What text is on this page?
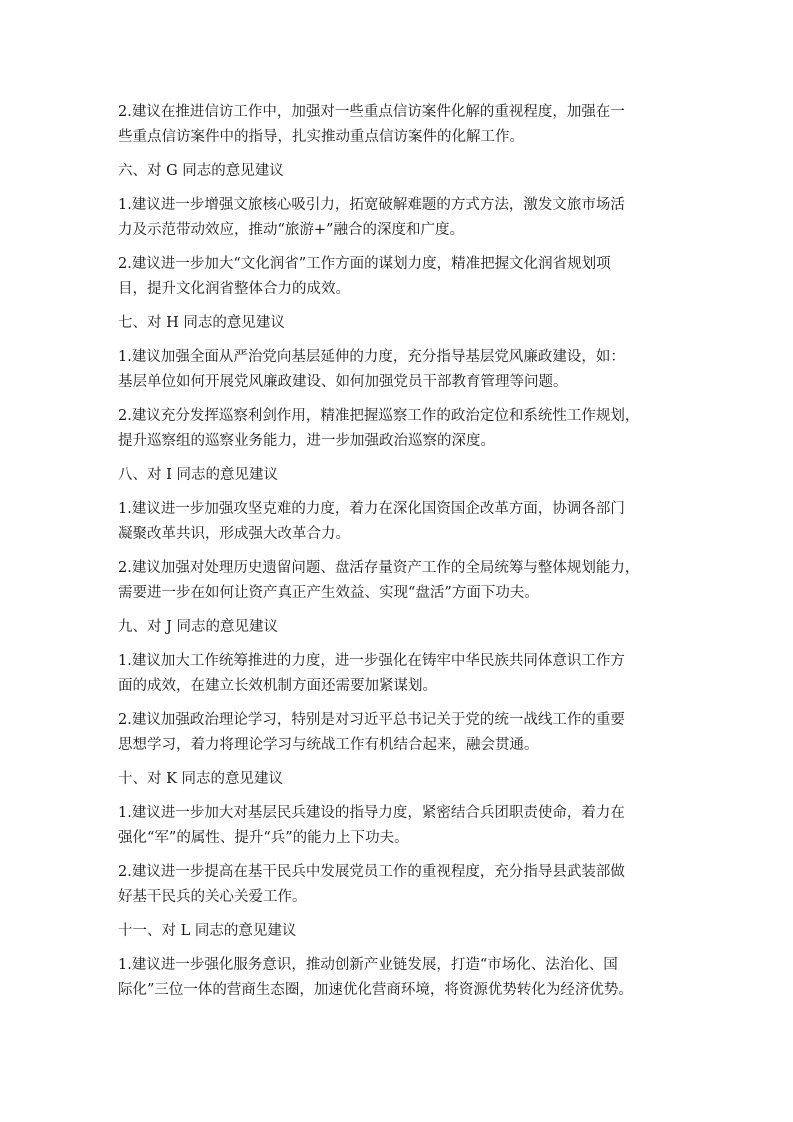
2.建议在推进信访工作中，加强对一些重点信访案件化解的重视程度，加强在一
些重点信访案件中的指导，扎实推动重点信访案件的化解工作。
六、对 G 同志的意见建议
1.建议进一步增强文旅核心吸引力，拓宽破解难题的方式方法，激发文旅市场活
力及示范带动效应，推动“旅游+”融合的深度和广度。
2.建议进一步加大“文化润省”工作方面的谋划力度，精准把握文化润省规划项
目，提升文化润省整体合力的成效。
七、对 H 同志的意见建议
1.建议加强全面从严治党向基层延伸的力度，充分指导基层党风廉政建设，如：
基层单位如何开展党风廉政建设、如何加强党员干部教育管理等问题。
2.建议充分发挥巡察利剑作用，精准把握巡察工作的政治定位和系统性工作规划，
提升巡察组的巡察业务能力，进一步加强政治巡察的深度。
八、对 I 同志的意见建议
1.建议进一步加强攻坚克难的力度，着力在深化国资国企改革方面，协调各部门
凝聚改革共识，形成强大改革合力。
2.建议加强对处理历史遗留问题、盘活存量资产工作的全局统筹与整体规划能力，
需要进一步在如何让资产真正产生效益、实现“盘活”方面下功夫。
九、对 J 同志的意见建议
1.建议加大工作统筹推进的力度，进一步强化在铸牢中华民族共同体意识工作方
面的成效，在建立长效机制方面还需要加紧谋划。
2.建议加强政治理论学习，特别是对习近平总书记关于党的统一战线工作的重要
思想学习，着力将理论学习与统战工作有机结合起来，融会贯通。
十、对 K 同志的意见建议
1.建议进一步加大对基层民兵建设的指导力度，紧密结合兵团职责使命，着力在
强化“军”的属性、提升“兵”的能力上下功夫。
2.建议进一步提高在基干民兵中发展党员工作的重视程度，充分指导县武装部做
好基干民兵的关心关爱工作。
十一、对 L 同志的意见建议
1.建议进一步强化服务意识，推动创新产业链发展，打造“市场化、法治化、国
际化”三位一体的营商生态圈，加速优化营商环境，将资源优势转化为经济优势。
